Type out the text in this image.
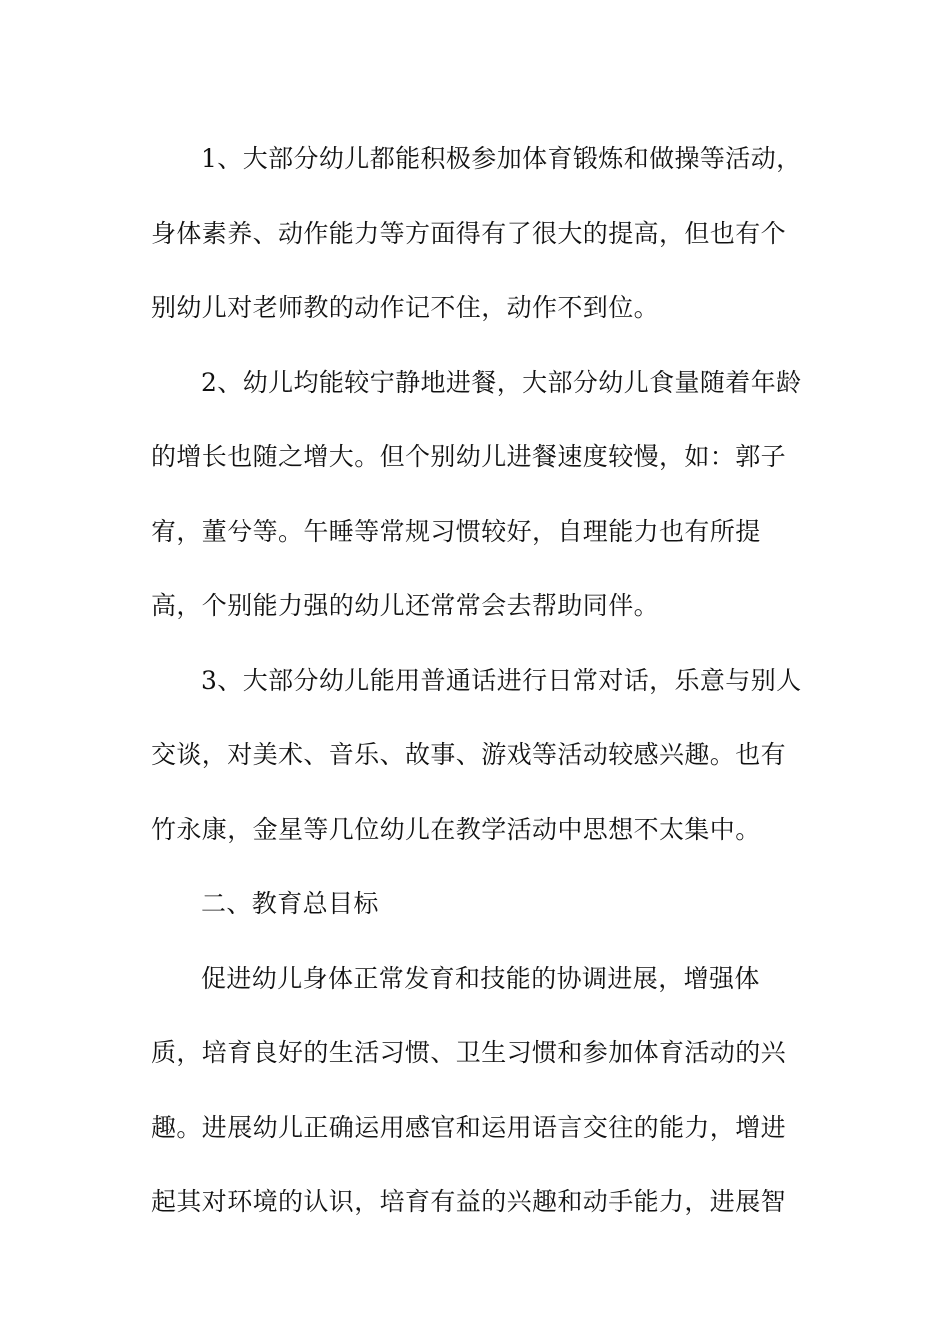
1、大部分幼儿都能积极参加体育锻炼和做操等活动，
身体素养、动作能力等方面得有了很大的提高，但也有个
别幼儿对老师教的动作记不住，动作不到位。
2、幼儿均能较宁静地进餐，大部分幼儿食量随着年龄
的增长也随之增大。但个别幼儿进餐速度较慢，如：郭子
宥，董兮等。午睡等常规习惯较好，自理能力也有所提
高，个别能力强的幼儿还常常会去帮助同伴。
3、大部分幼儿能用普通话进行日常对话，乐意与别人
交谈，对美术、音乐、故事、游戏等活动较感兴趣。也有
竹永康，金星等几位幼儿在教学活动中思想不太集中。
二、教育总目标
促进幼儿身体正常发育和技能的协调进展，增强体
质，培育良好的生活习惯、卫生习惯和参加体育活动的兴
趣。进展幼儿正确运用感官和运用语言交往的能力，增进
起其对环境的认识，培育有益的兴趣和动手能力，进展智
